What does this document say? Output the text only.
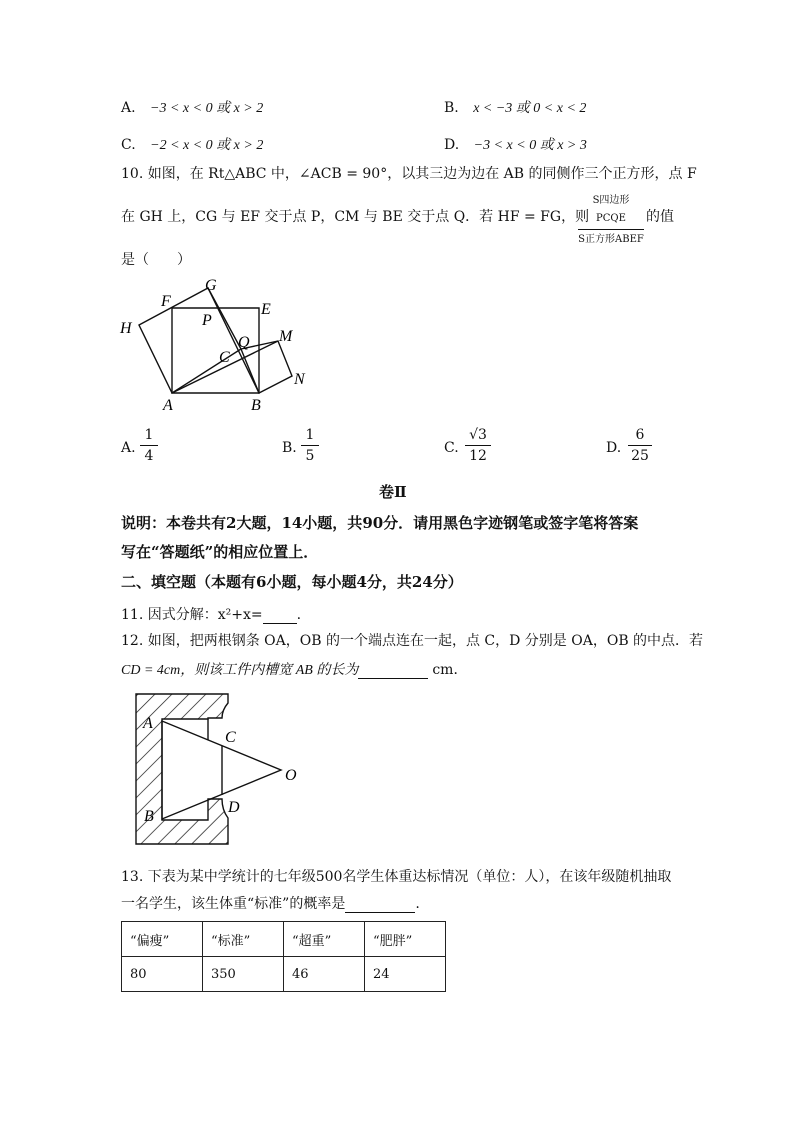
A. −3 < x < 0 或 x > 2	B. x < −3 或 0 < x < 2
C. −2 < x < 0 或 x > 2	D. −3 < x < 0 或 x > 3
10. 如图，在 Rt△ABC 中，∠ACB = 90°，以其三边为边在 AB 的同侧作三个正方形，点 F
在 GH 上，CG 与 EF 交于点 P，CM 与 BE 交于点 Q．若 HF = FG，则
S四边形PCQE
S正方形ABEF
的值
是（　　）
F
G
E
H	P
M
C
Q
N
A	B
A.
1
4	B.
1
5	C.
√3
12	D.
6
25
卷Ⅱ
说明：本卷共有2大题，14小题，共90分．请用黑色字迹钢笔或签字笔将答案
写在“答题纸”的相应位置上．
二、填空题（本题有6小题，每小题4分，共24分）
11. 因式分解：x²+x= .
12. 如图，把两根钢条 OA，OB 的一个端点连在一起，点 C，D 分别是 OA，OB 的中点．若
CD = 4cm，则该工件内槽宽 AB 的长为	cm．
A
C
O
D
B
13. 下表为某中学统计的七年级500名学生体重达标情况（单位：人），在该年级随机抽取
一名学生，该生体重“标准”的概率是	.
“偏瘦”	“标准”	“超重”	“肥胖”
80	350	46	24
